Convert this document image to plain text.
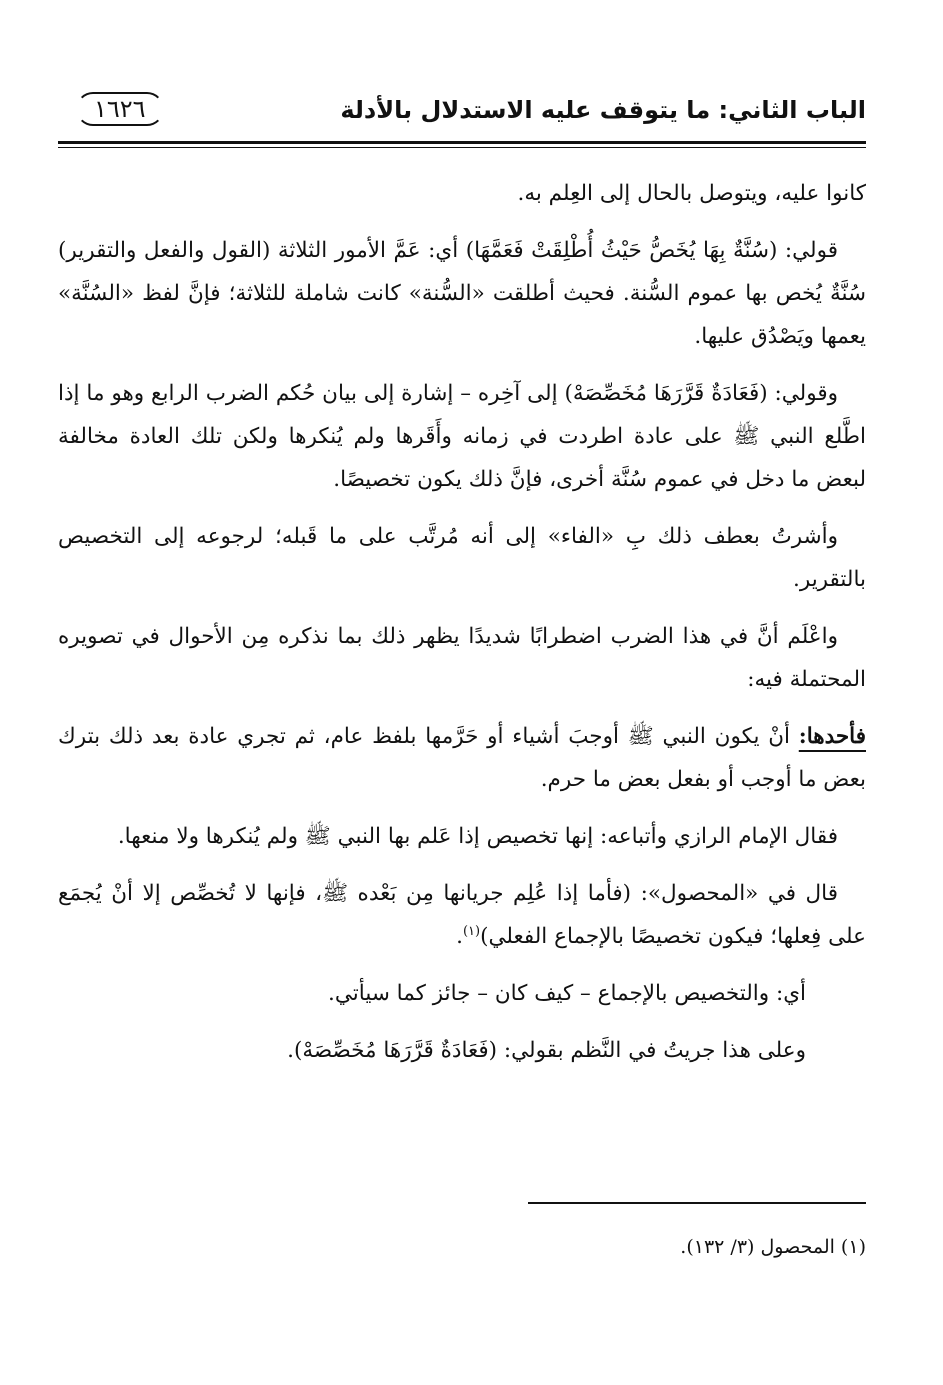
الباب الثاني: ما يتوقف عليه الاستدلال بالأدلة
١٦٢٦

كانوا عليه، ويتوصل بالحال إلى العِلم به.

قولي: (سُنَّةٌ بِهَا يُخَصُّ حَيْثُ أُطْلِقَتْ فَعَمَّهَا) أي: عَمَّ الأمور الثلاثة (القول والفعل والتقرير) سُنَّةٌ يُخص بها عموم السُّنة. فحيث أطلقت «السُّنة» كانت شاملة للثلاثة؛ فإنَّ لفظ «السُنَّة» يعمها ويَصْدُق عليها.

وقولي: (فَعَادَةٌ قَرَّرَهَا مُخَصِّصَهْ) إلى آخِره – إشارة إلى بيان حُكم الضرب الرابع وهو ما إذا اطَّلع النبي ﷺ على عادة اطردت في زمانه وأَقَرها ولم يُنكرها ولكن تلك العادة مخالفة لبعض ما دخل في عموم سُنَّة أخرى، فإنَّ ذلك يكون تخصيصًا.

وأشرتُ بعطف ذلك بِ «الفاء» إلى أنه مُرتَّب على ما قَبله؛ لرجوعه إلى التخصيص بالتقرير.

واعْلَم أنَّ في هذا الضرب اضطرابًا شديدًا يظهر ذلك بما نذكره مِن الأحوال في تصويره المحتملة فيه:

فأحدها: أنْ يكون النبي ﷺ أوجبَ أشياء أو حَرَّمها بلفظ عام، ثم تجري عادة بعد ذلك بترك بعض ما أوجب أو بفعل بعض ما حرم.

فقال الإمام الرازي وأتباعه: إنها تخصيص إذا عَلم بها النبي ﷺ ولم يُنكرها ولا منعها.

قال في «المحصول»: (فأما إذا عُلِم جريانها مِن بَعْده ﷺ، فإنها لا تُخصِّص إلا أنْ يُجمَع على فِعلها؛ فيكون تخصيصًا بالإجماع الفعلي)$^{(١)}$.

أي: والتخصيص بالإجماع – كيف كان – جائز كما سيأتي.

وعلى هذا جريتُ في النَّظم بقولي: (فَعَادَةٌ قَرَّرَهَا مُخَصِّصَهْ).

(١) المحصول (٣/ ١٣٢).
